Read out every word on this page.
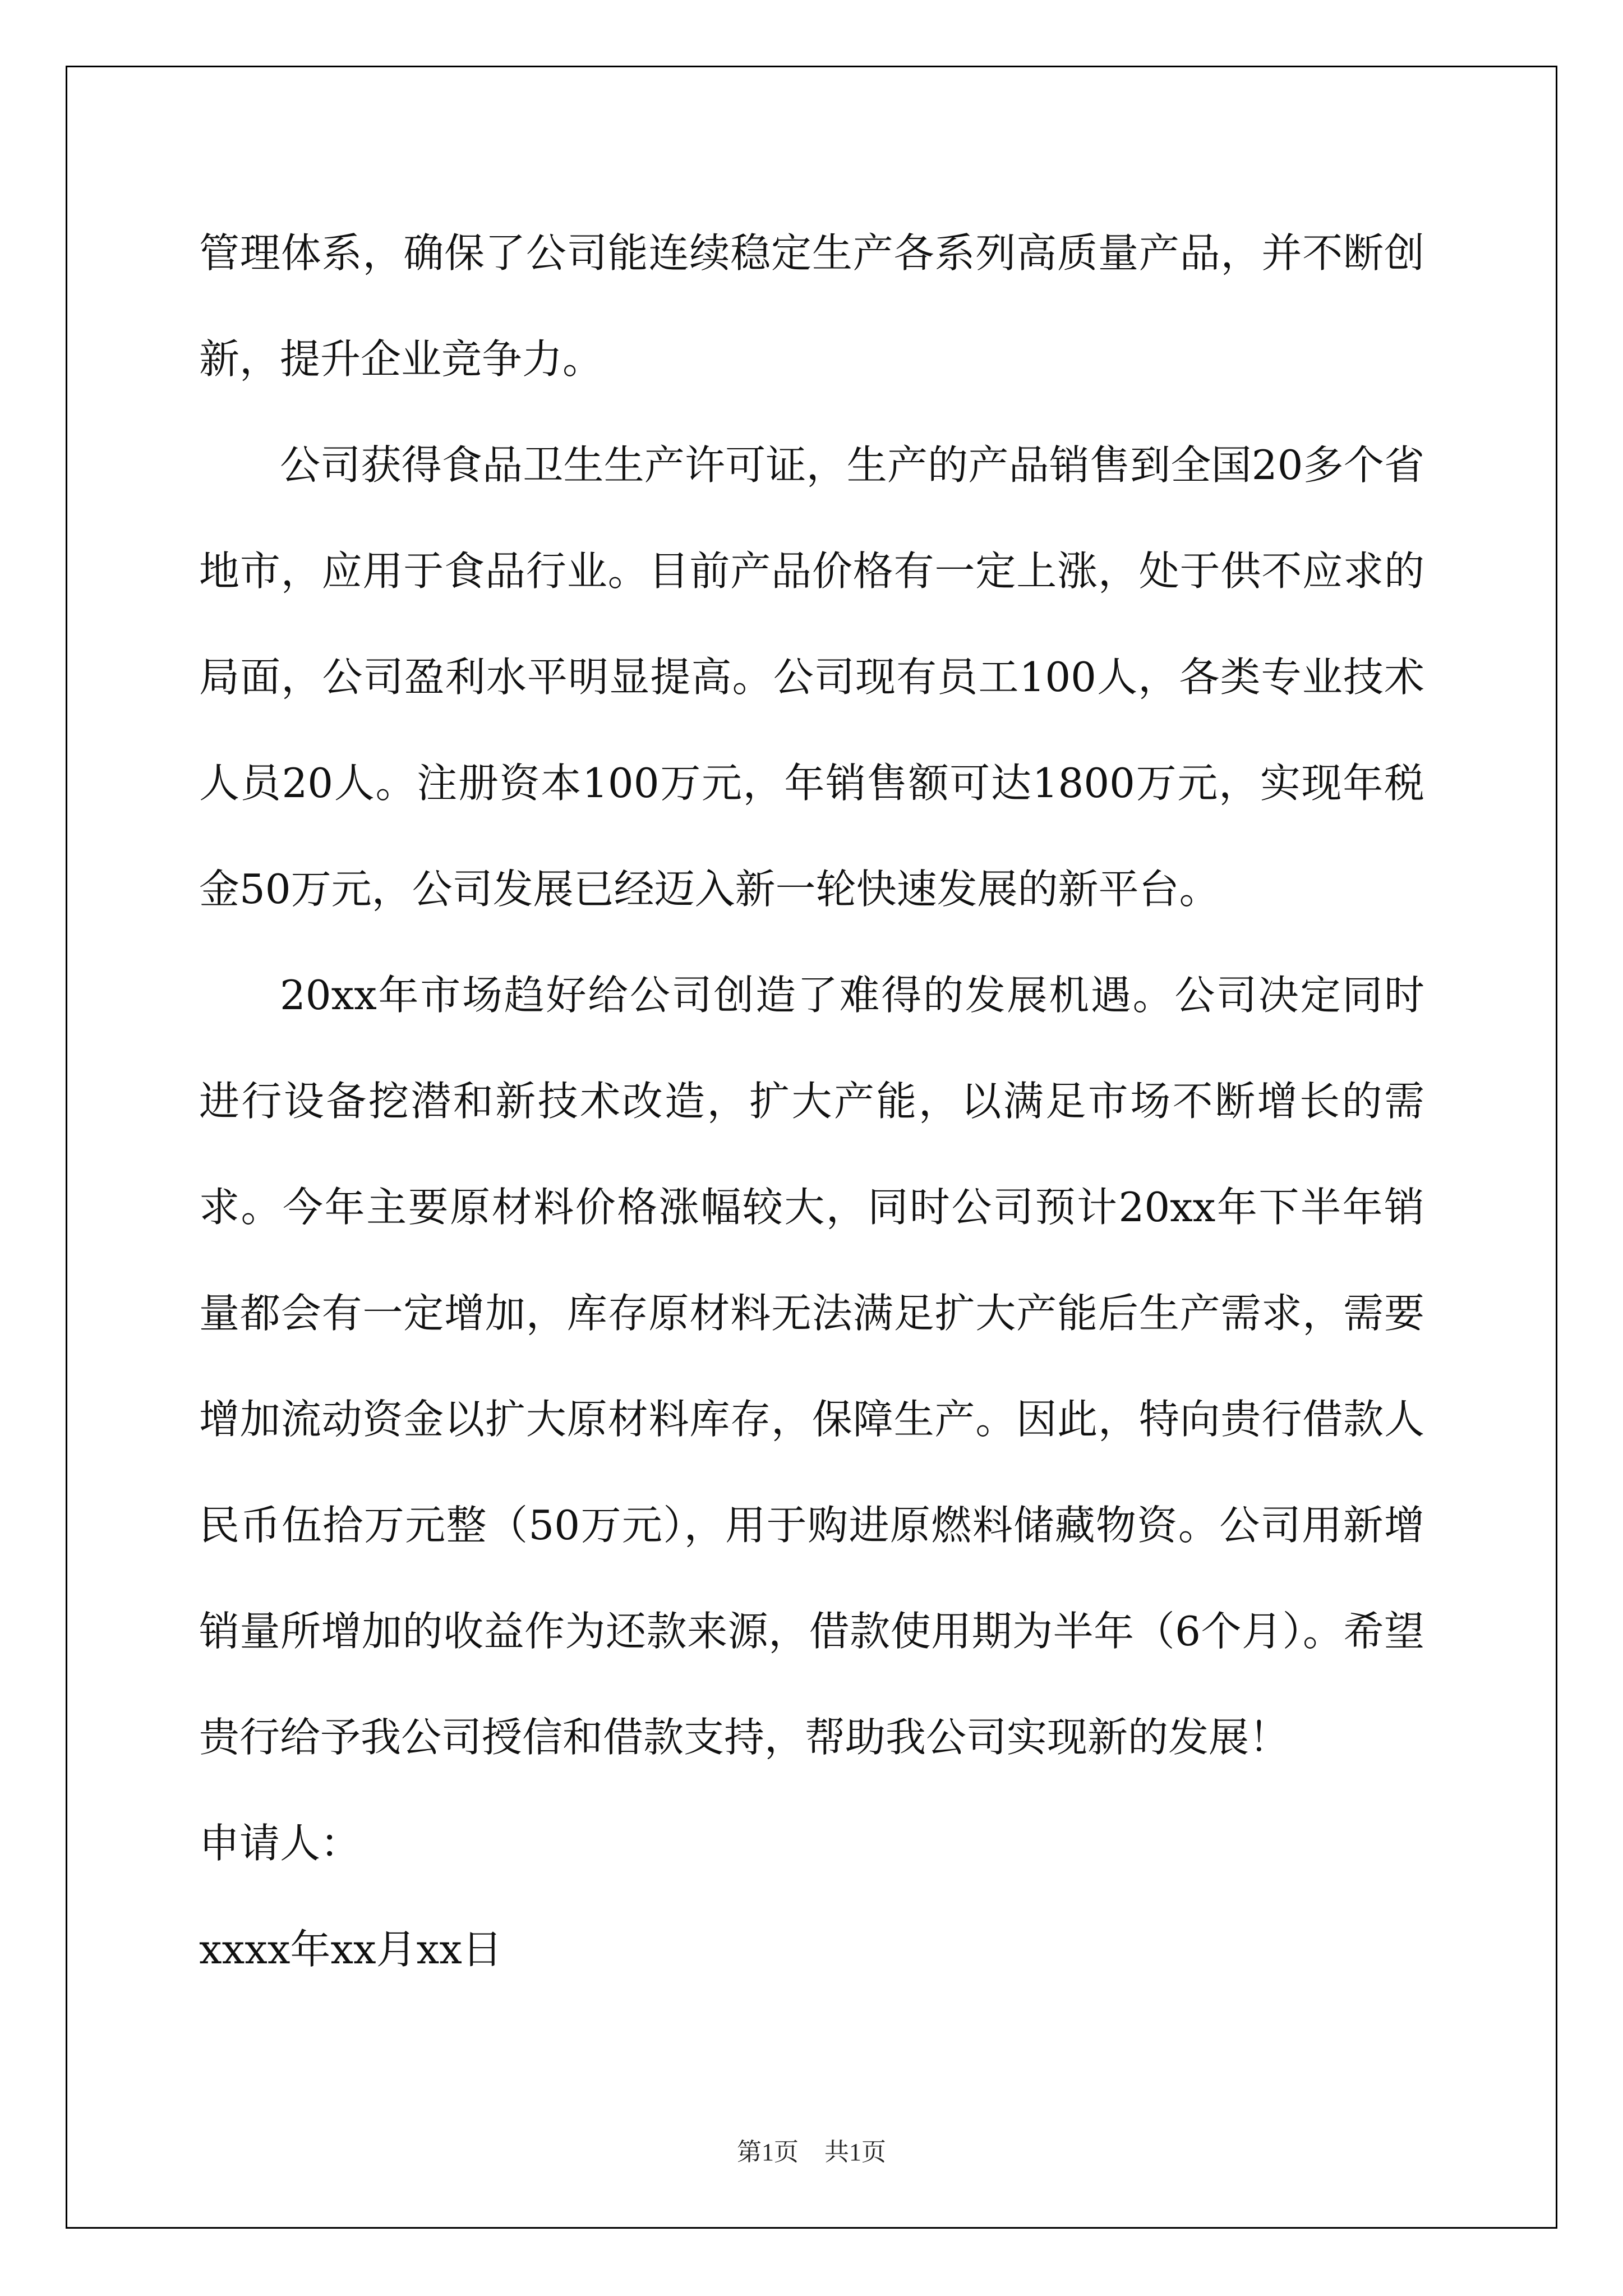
管理体系，确保了公司能连续稳定生产各系列高质量产品，并不断创新，提升企业竞争力。

公司获得食品卫生生产许可证，生产的产品销售到全国20多个省地市，应用于食品行业。目前产品价格有一定上涨，处于供不应求的局面，公司盈利水平明显提高。公司现有员工100人，各类专业技术人员20人。注册资本100万元，年销售额可达1800万元，实现年税金50万元，公司发展已经迈入新一轮快速发展的新平台。

20xx年市场趋好给公司创造了难得的发展机遇。公司决定同时进行设备挖潜和新技术改造，扩大产能，以满足市场不断增长的需求。今年主要原材料价格涨幅较大，同时公司预计20xx年下半年销量都会有一定增加，库存原材料无法满足扩大产能后生产需求，需要增加流动资金以扩大原材料库存，保障生产。因此，特向贵行借款人民币伍拾万元整（50万元），用于购进原燃料储藏物资。公司用新增销量所增加的收益作为还款来源，借款使用期为半年（6个月）。希望贵行给予我公司授信和借款支持，帮助我公司实现新的发展！

申请人：

xxxx年xx月xx日

第1页 共1页
